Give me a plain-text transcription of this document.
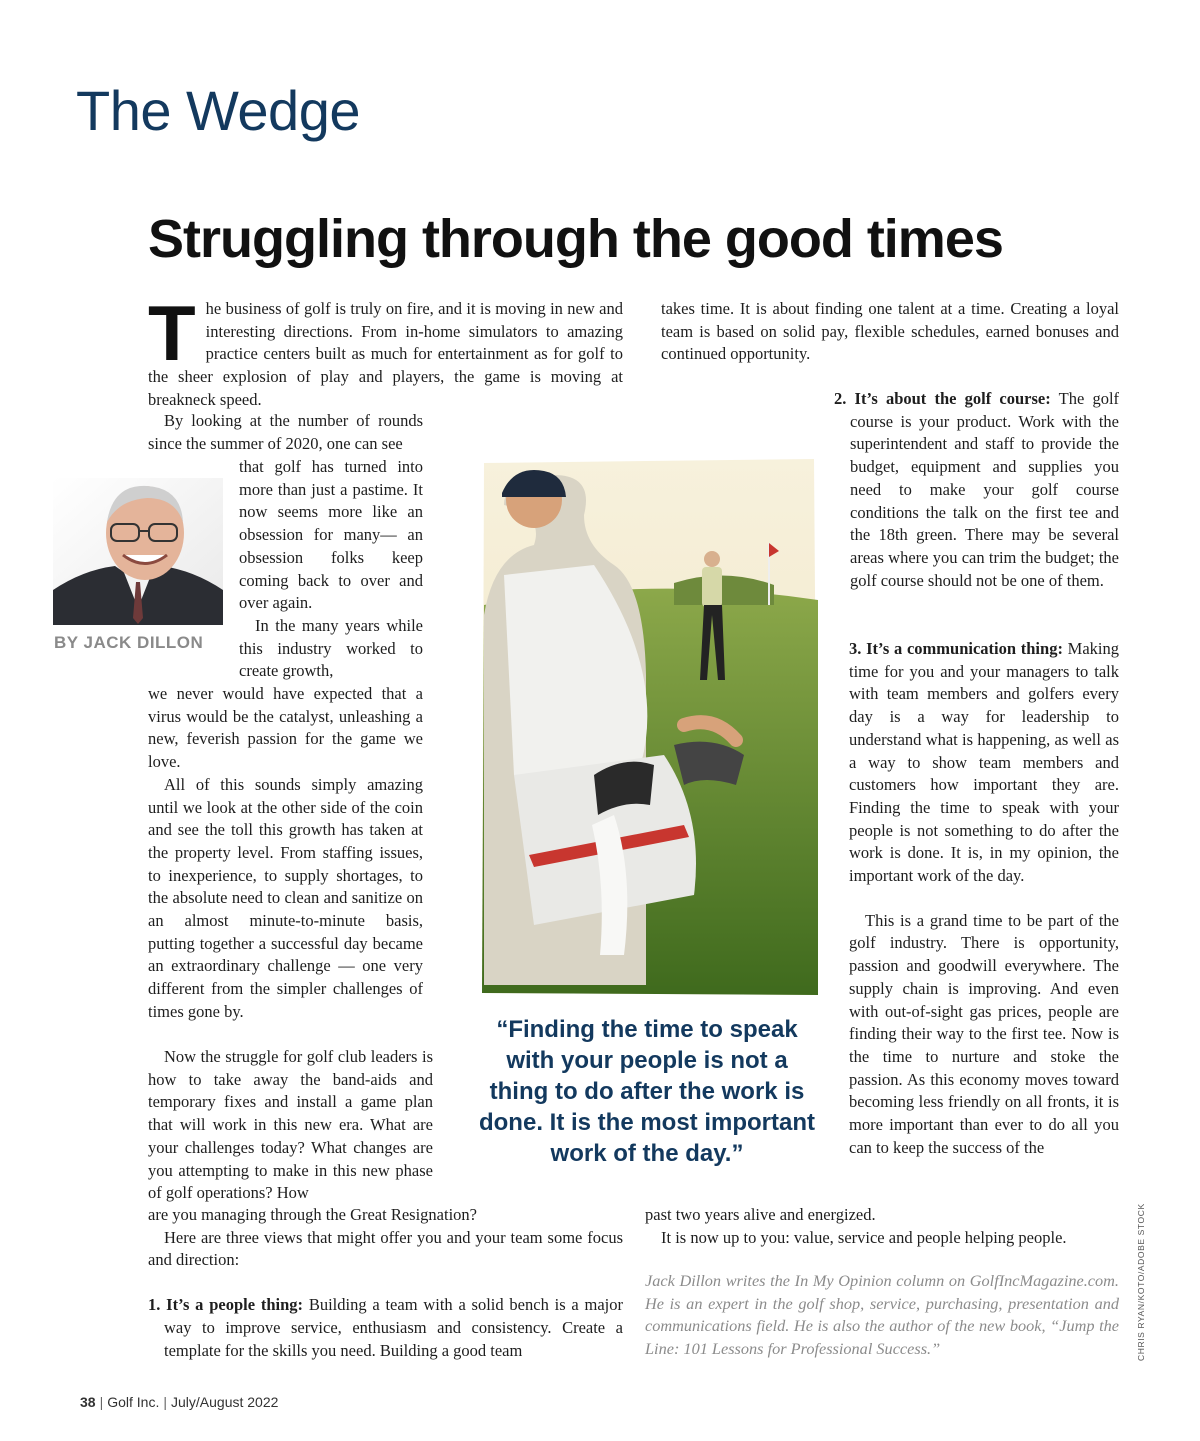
The Wedge
Struggling through the good times

The business of golf is truly on fire, and it is moving in new and interesting directions. From in-home simulators to amazing practice centers built as much for entertainment as for golf to the sheer explosion of play and players, the game is moving at breakneck speed.

By looking at the number of rounds since the summer of 2020, one can see

BY JACK DILLON

that golf has turned into more than just a pastime. It now seems more like an obsession for many— an obsession folks keep coming back to over and over again.

In the many years while this industry worked to create growth,

we never would have expected that a virus would be the catalyst, unleashing a new, feverish passion for the game we love.

All of this sounds simply amazing until we look at the other side of the coin and see the toll this growth has taken at the property level. From staffing issues, to inexperience, to supply shortages, to the absolute need to clean and sanitize on an almost minute-to-minute basis, putting together a successful day became an extraordinary challenge — one very different from the simpler challenges of times gone by.

Now the struggle for golf club leaders is how to take away the band-aids and temporary fixes and install a game plan that will work in this new era. What are your challenges today? What changes are you attempting to make in this new phase of golf operations? How

are you managing through the Great Resignation?

Here are three views that might offer you and your team some focus and direction:

1. It’s a people thing: Building a team with a solid bench is a major way to improve service, enthusiasm and consistency. Create a template for the skills you need. Building a good team

“Finding the time to speak with your people is not a thing to do after the work is done. It is the most important work of the day.”

takes time. It is about finding one talent at a time. Creating a loyal team is based on solid pay, flexible schedules, earned bonuses and continued opportunity.

2. It’s about the golf course: The golf course is your product. Work with the superintendent and staff to provide the budget, equipment and supplies you need to make your golf course conditions the talk on the first tee and the 18th green. There may be several areas where you can trim the budget; the golf course should not be one of them.

3. It’s a communication thing: Making time for you and your managers to talk with team members and golfers every day is a way for leadership to understand what is happening, as well as a way to show team members and customers how important they are. Finding the time to speak with your people is not something to do after the work is done. It is, in my opinion, the important work of the day.

This is a grand time to be part of the golf industry. There is opportunity, passion and goodwill everywhere. The supply chain is improving. And even with out-of-sight gas prices, people are finding their way to the first tee. Now is the time to nurture and stoke the passion. As this economy moves toward becoming less friendly on all fronts, it is more important than ever to do all you can to keep the success of the

past two years alive and energized.

It is now up to you: value, service and people helping people.

Jack Dillon writes the In My Opinion column on GolfIncMagazine.com. He is an expert in the golf shop, service, purchasing, presentation and communications field. He is also the author of the new book, “Jump the Line: 101 Lessons for Professional Success.”	CHRIS RYAN/KOTO/ADOBE STOCK

38 | Golf Inc. | July/August 2022
